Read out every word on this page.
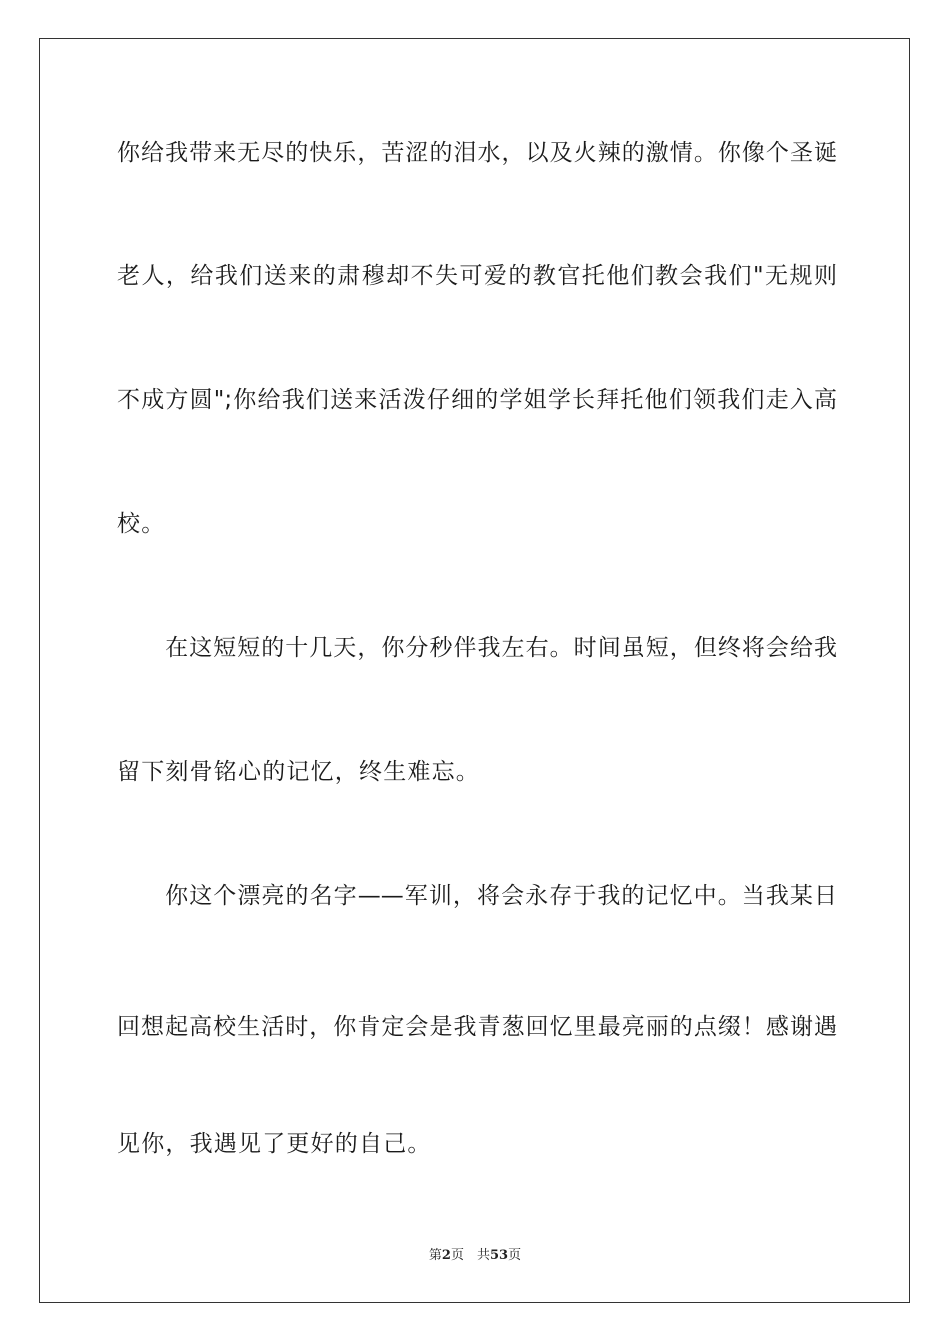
你给我带来无尽的快乐，苦涩的泪水，以及火辣的激情。你像个圣诞
老人，给我们送来的肃穆却不失可爱的教官托他们教会我们"无规则
不成方圆";你给我们送来活泼仔细的学姐学长拜托他们领我们走入高
校。
　　在这短短的十几天，你分秒伴我左右。时间虽短，但终将会给我
留下刻骨铭心的记忆，终生难忘。
　　你这个漂亮的名字——军训，将会永存于我的记忆中。当我某日
回想起高校生活时，你肯定会是我青葱回忆里最亮丽的点缀！感谢遇
见你，我遇见了更好的自己。
第2页　共53页
